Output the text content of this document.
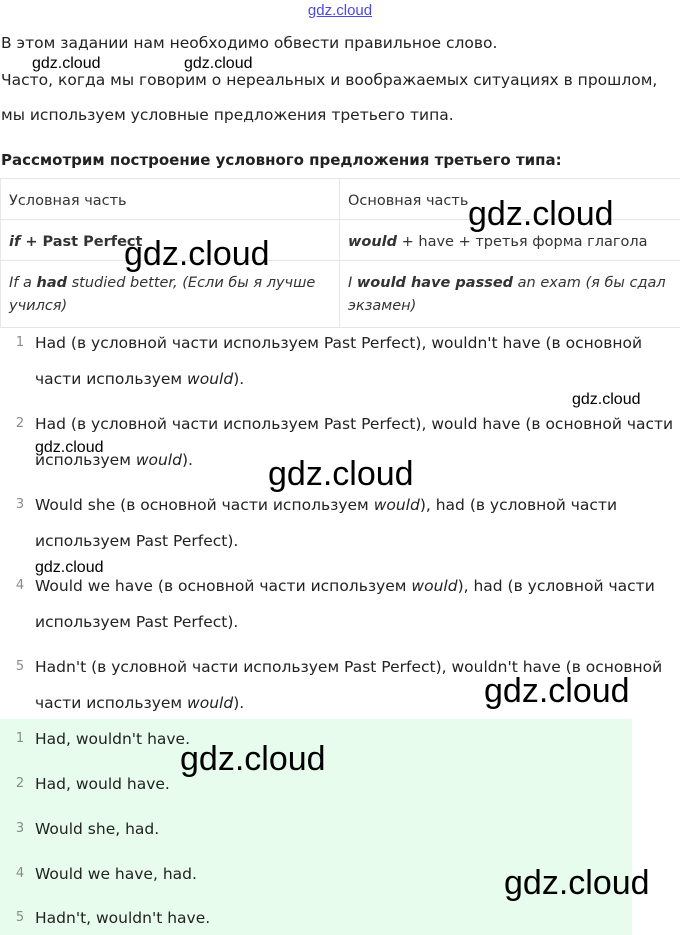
gdz.cloud
В этом задании нам необходимо обвести правильное слово.
Часто, когда мы говорим о нереальных и воображаемых ситуациях в прошлом,
мы используем условные предложения третьего типа.
Рассмотрим построение условного предложения третьего типа:
Условная часть	Основная часть
if + Past Perfect	would + have + третья форма глагола
If a had studied better, (Если бы я лучше учился)	I would have passed an exam (я бы сдал экзамен)
1 Had (в условной части используем Past Perfect), wouldn't have (в основной части используем would).
2 Had (в условной части используем Past Perfect), would have (в основной части используем would).
3 Would she (в основной части используем would), had (в условной части используем Past Perfect).
4 Would we have (в основной части используем would), had (в условной части используем Past Perfect).
5 Hadn't (в условной части используем Past Perfect), wouldn't have (в основной части используем would).
1 Had, wouldn't have.
2 Had, would have.
3 Would she, had.
4 Would we have, had.
5 Hadn't, wouldn't have.
gdz.cloud	gdz.cloud
gdz.cloud
gdz.cloud
gdz.cloud
gdz.cloud
gdz.cloud
gdz.cloud
gdz.cloud
gdz.cloud
gdz.cloud
